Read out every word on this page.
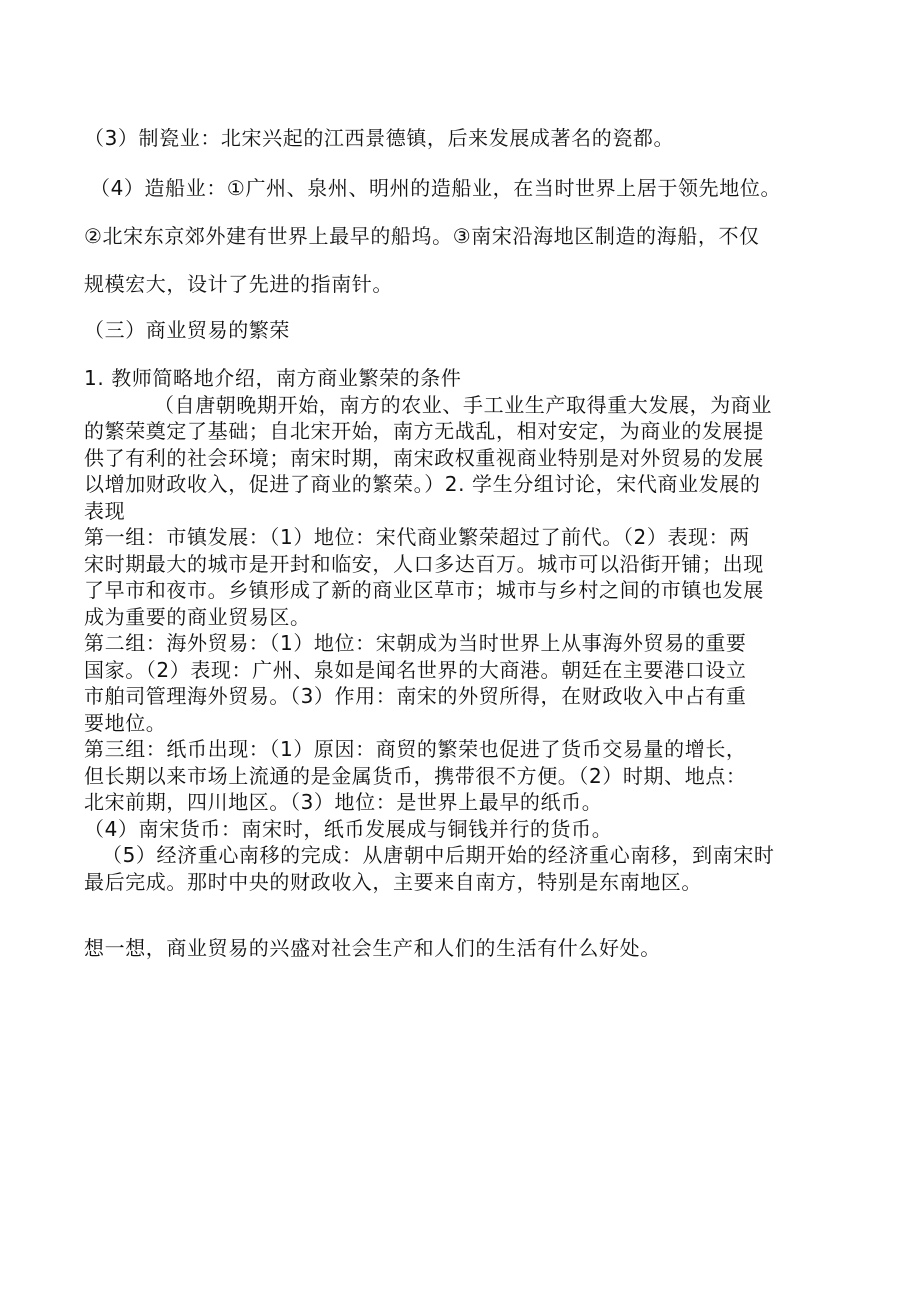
（3）制瓷业：北宋兴起的江西景德镇，后来发展成著名的瓷都。

（4）造船业：①广州、泉州、明州的造船业，在当时世界上居于领先地位。

②北宋东京郊外建有世界上最早的船坞。③南宋沿海地区制造的海船，不仅

规模宏大，设计了先进的指南针。

（三）商业贸易的繁荣

1. 教师简略地介绍，南方商业繁荣的条件

（自唐朝晚期开始，南方的农业、手工业生产取得重大发展，为商业

的繁荣奠定了基础；自北宋开始，南方无战乱，相对安定，为商业的发展提

供了有利的社会环境；南宋时期，南宋政权重视商业特别是对外贸易的发展

以增加财政收入，促进了商业的繁荣。）2. 学生分组讨论，宋代商业发展的

表现

第一组：市镇发展：（1）地位：宋代商业繁荣超过了前代。（2）表现：两

宋时期最大的城市是开封和临安，人口多达百万。城市可以沿街开铺；出现

了早市和夜市。乡镇形成了新的商业区草市；城市与乡村之间的市镇也发展

成为重要的商业贸易区。

第二组：海外贸易：（1）地位：宋朝成为当时世界上从事海外贸易的重要

国家。（2）表现：广州、泉如是闻名世界的大商港。朝廷在主要港口设立

市舶司管理海外贸易。（3）作用：南宋的外贸所得，在财政收入中占有重

要地位。

第三组：纸币出现：（1）原因：商贸的繁荣也促进了货币交易量的增长，

但长期以来市场上流通的是金属货币，携带很不方便。（2）时期、地点：

北宋前期，四川地区。（3）地位：是世界上最早的纸币。

（4）南宋货币：南宋时，纸币发展成与铜钱并行的货币。

（5）经济重心南移的完成：从唐朝中后期开始的经济重心南移，到南宋时

最后完成。那时中央的财政收入，主要来自南方，特别是东南地区。

想一想，商业贸易的兴盛对社会生产和人们的生活有什么好处。
